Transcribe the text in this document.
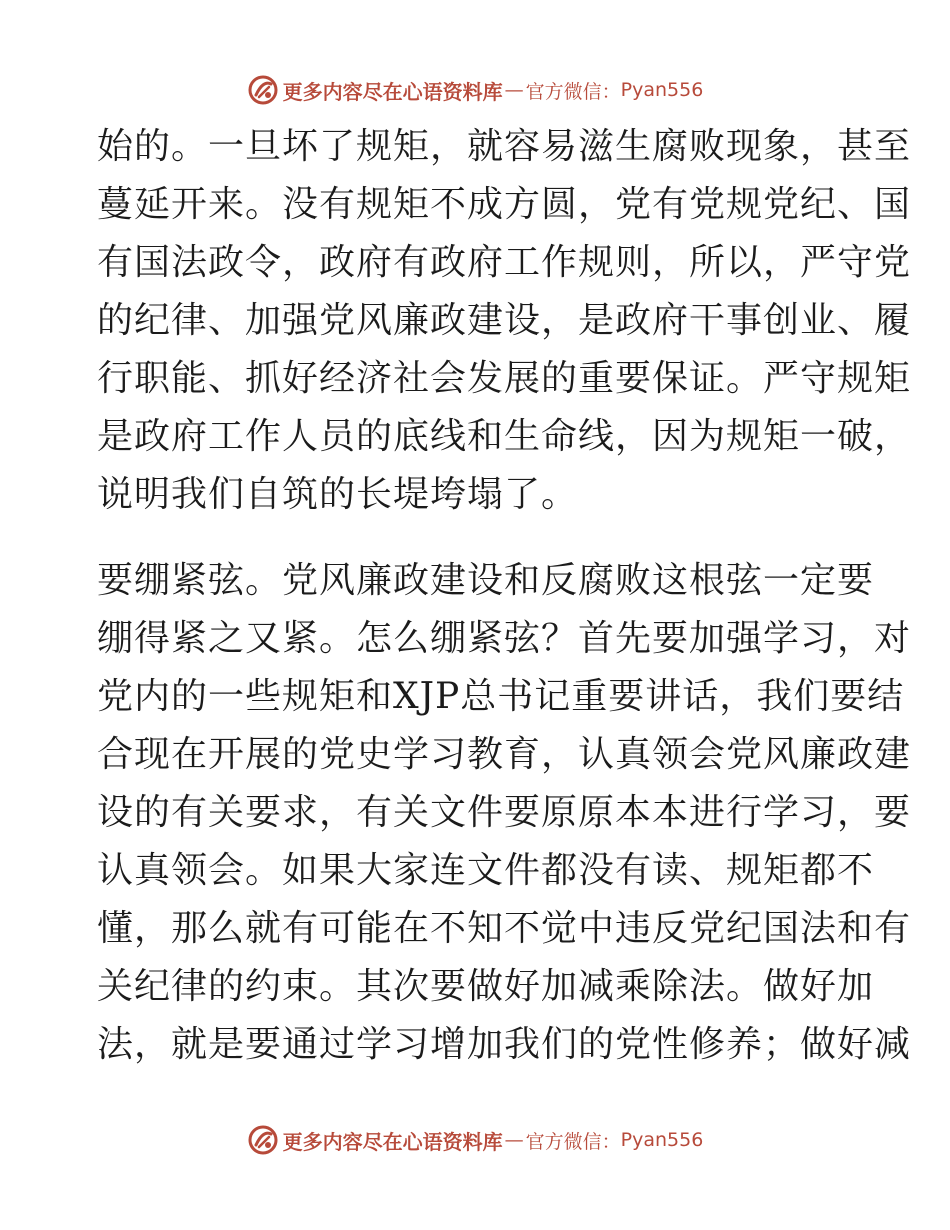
更多内容尽在心语资料库 — 官方微信： Pyan556
始的。一旦坏了规矩，就容易滋生腐败现象，甚至
蔓延开来。没有规矩不成方圆，党有党规党纪、国
有国法政令，政府有政府工作规则，所以，严守党
的纪律、加强党风廉政建设，是政府干事创业、履
行职能、抓好经济社会发展的重要保证。严守规矩
是政府工作人员的底线和生命线，因为规矩一破，
说明我们自筑的长堤垮塌了。
要绷紧弦。党风廉政建设和反腐败这根弦一定要
绷得紧之又紧。怎么绷紧弦？首先要加强学习，对
党内的一些规矩和XJP总书记重要讲话，我们要结
合现在开展的党史学习教育，认真领会党风廉政建
设的有关要求，有关文件要原原本本进行学习，要
认真领会。如果大家连文件都没有读、规矩都不
懂，那么就有可能在不知不觉中违反党纪国法和有
关纪律的约束。其次要做好加减乘除法。做好加
法，就是要通过学习增加我们的党性修养；做好减
更多内容尽在心语资料库 — 官方微信： Pyan556
